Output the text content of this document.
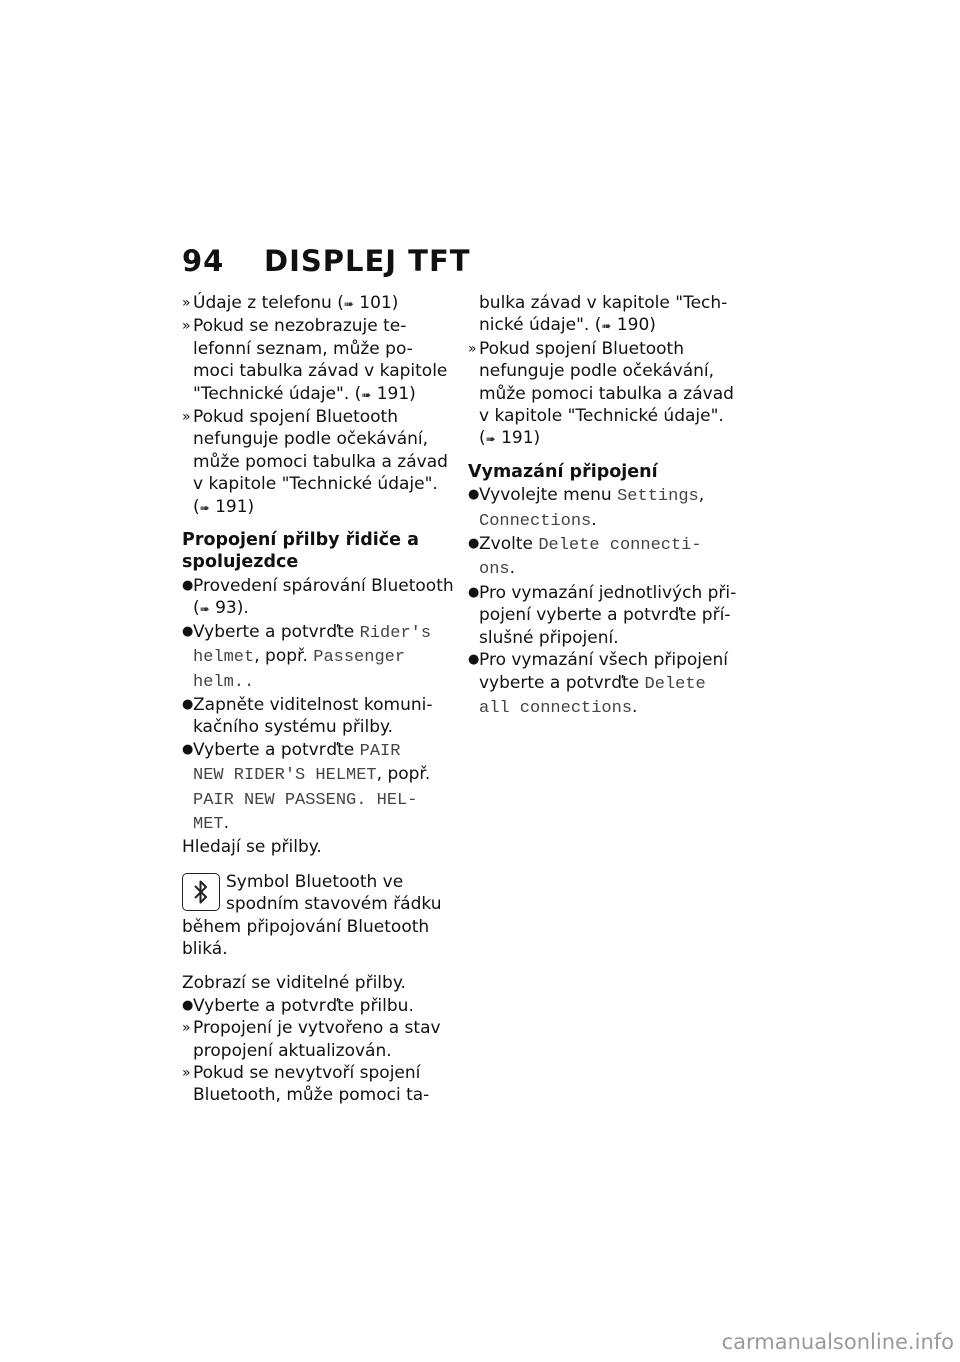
94	DISPLEJ TFT
» Údaje z telefonu (➠ 101)
» Pokud se nezobrazuje te-
lefonní seznam, může po-
moci tabulka závad v kapitole
"Technické údaje". (➠ 191)
» Pokud spojení Bluetooth
nefunguje podle očekávání,
může pomoci tabulka a závad
v kapitole "Technické údaje".
(➠ 191)
Propojení přilby řidiče a
spolujezdce
● Provedení spárování Bluetooth
(➠ 93).
● Vyberte a potvrďte Rider's
helmet, popř. Passenger
helm..
● Zapněte viditelnost komuni-
kačního systému přilby.
● Vyberte a potvrďte PAIR
NEW RIDER'S HELMET, popř.
PAIR NEW PASSENG. HEL-
MET.
Hledají se přilby.
Symbol Bluetooth ve
spodním stavovém řádku
během připojování Bluetooth
bliká.
Zobrazí se viditelné přilby.
● Vyberte a potvrďte přilbu.
» Propojení je vytvořeno a stav
propojení aktualizován.
» Pokud se nevytvoří spojení
Bluetooth, může pomoci ta-
bulka závad v kapitole "Tech-
nické údaje". (➠ 190)
» Pokud spojení Bluetooth
nefunguje podle očekávání,
může pomoci tabulka a závad
v kapitole "Technické údaje".
(➠ 191)
Vymazání připojení
● Vyvolejte menu Settings,
Connections.
● Zvolte Delete connecti-
ons.
● Pro vymazání jednotlivých při-
pojení vyberte a potvrďte pří-
slušné připojení.
● Pro vymazání všech připojení
vyberte a potvrďte Delete
all connections.
carmanualsonline.info
